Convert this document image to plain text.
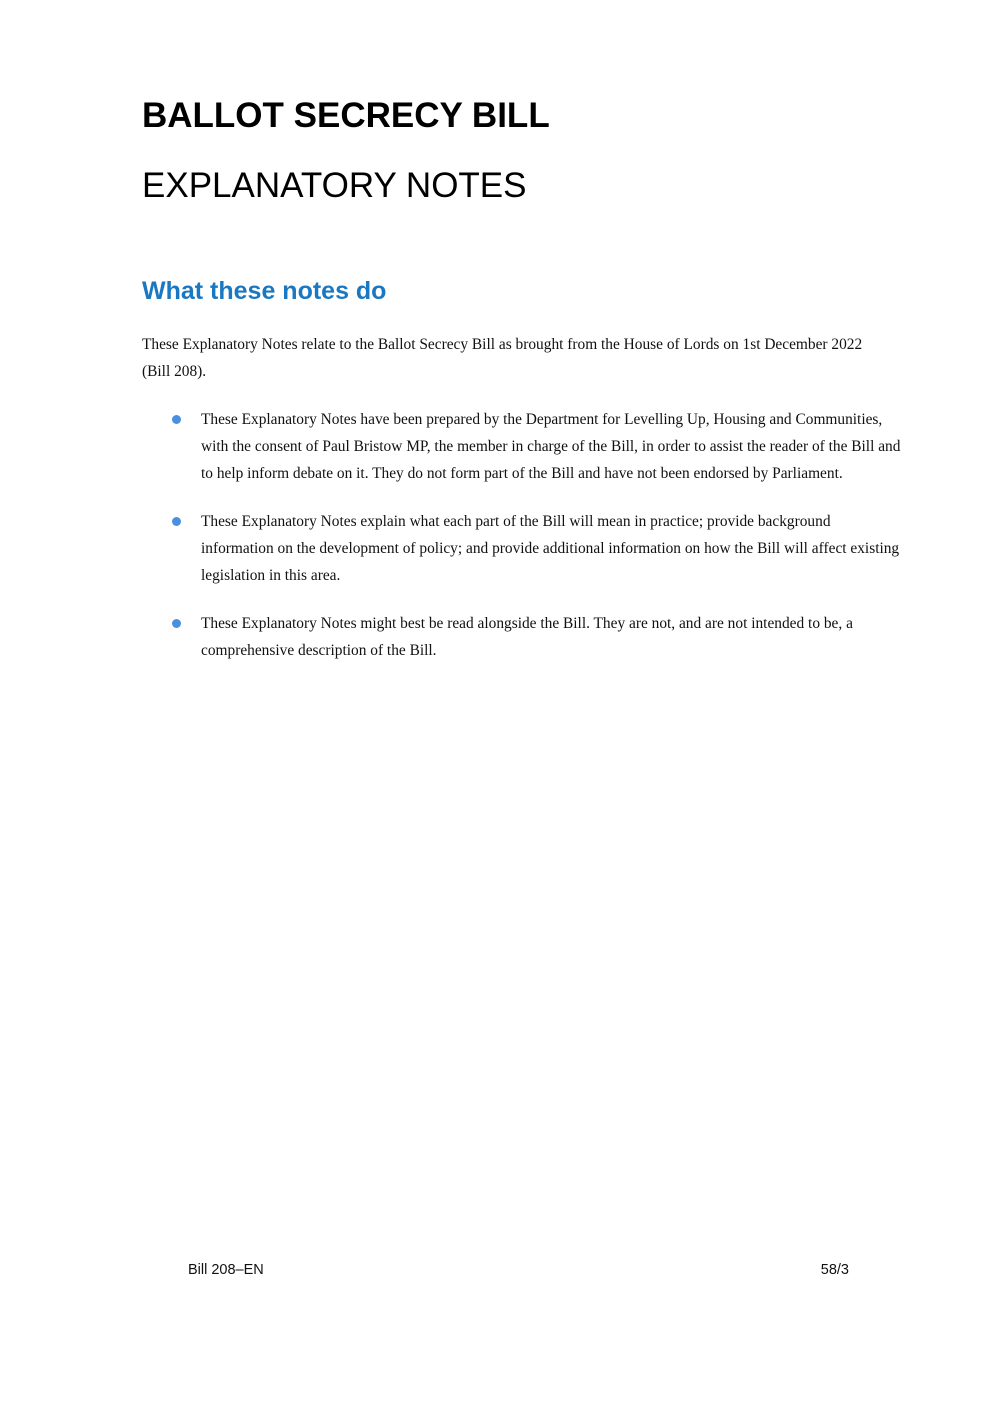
BALLOT SECRECY BILL
EXPLANATORY NOTES
What these notes do

These Explanatory Notes relate to the Ballot Secrecy Bill as brought from the House of Lords on 1st December 2022 (Bill 208).

These Explanatory Notes have been prepared by the Department for Levelling Up, Housing and Communities, with the consent of Paul Bristow MP, the member in charge of the Bill, in order to assist the reader of the Bill and to help inform debate on it. They do not form part of the Bill and have not been endorsed by Parliament.
These Explanatory Notes explain what each part of the Bill will mean in practice; provide background information on the development of policy; and provide additional information on how the Bill will affect existing legislation in this area.
These Explanatory Notes might best be read alongside the Bill. They are not, and are not intended to be, a comprehensive description of the Bill.
Bill 208–EN	58/3
